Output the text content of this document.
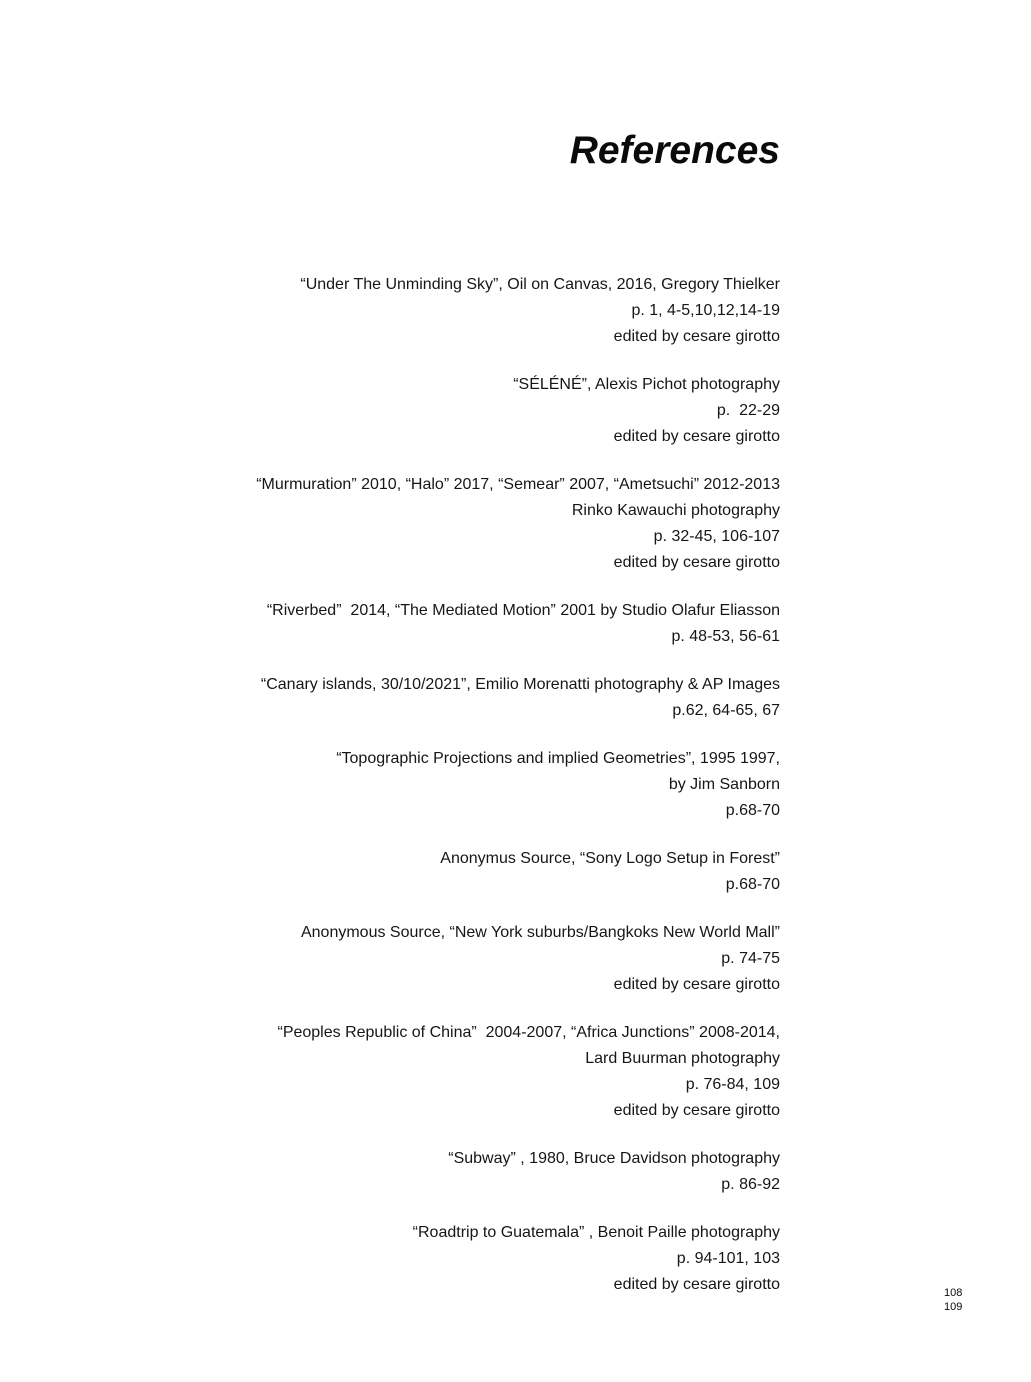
References

“Under The Unminding Sky”, Oil on Canvas, 2016, Gregory Thielker

p. 1, 4-5,10,12,14-19

edited by cesare girotto

“SÉLÉNÉ”, Alexis Pichot photography

p.  22-29

edited by cesare girotto

“Murmuration” 2010, “Halo” 2017, “Semear” 2007, “Ametsuchi” 2012-2013

Rinko Kawauchi photography

p. 32-45, 106-107

edited by cesare girotto

“Riverbed”  2014, “The Mediated Motion” 2001 by Studio Olafur Eliasson

p. 48-53, 56-61

“Canary islands, 30/10/2021”, Emilio Morenatti photography & AP Images

p.62, 64-65, 67

“Topographic Projections and implied Geometries”, 1995 1997,

by Jim Sanborn

p.68-70

Anonymus Source, “Sony Logo Setup in Forest”

p.68-70

Anonymous Source, “New York suburbs/Bangkoks New World Mall”

p. 74-75

edited by cesare girotto

“Peoples Republic of China”  2004-2007, “Africa Junctions” 2008-2014,

Lard Buurman photography

p. 76-84, 109

edited by cesare girotto

“Subway” , 1980, Bruce Davidson photography

p. 86-92

“Roadtrip to Guatemala” , Benoit Paille photography

p. 94-101, 103

edited by cesare girotto	108
109
